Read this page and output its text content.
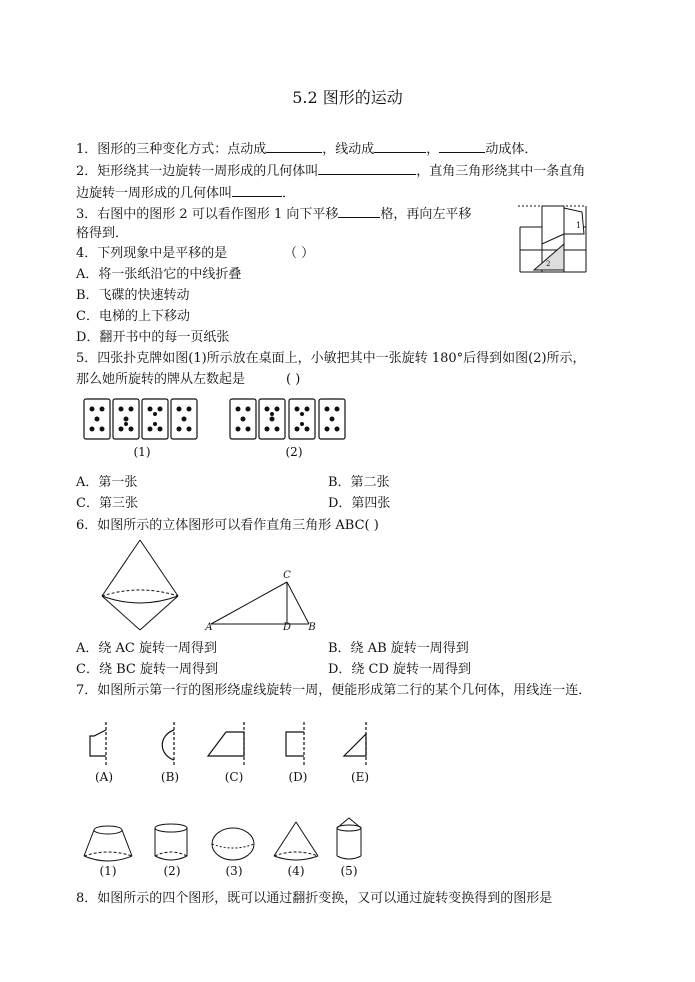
5.2 图形的运动
1．图形的三种变化方式：点动成	，线动成	，	动成体．
2．矩形绕其一边旋转一周形成的几何体叫	，直角三角形绕其中一条直角
边旋转一周形成的几何体叫	．
3．右图中的图形 2 可以看作图形 1 向下平移	格，再向左平移
格得到．
1
2
4．下列现象中是平移的是	（ ）
A．将一张纸沿它的中线折叠
B．飞碟的快速转动
C．电梯的上下移动
D．翻开书中的每一页纸张
5．四张扑克牌如图(1)所示放在桌面上，小敏把其中一张旋转 180°后得到如图(2)所示，
那么她所旋转的牌从左数起是	( )
(1)	(2)
A．第一张	B．第二张
C．第三张	D．第四张
6．如图所示的立体图形可以看作直角三角形 ABC( )
A	B
C
D
A．绕 AC 旋转一周得到	B．绕 AB 旋转一周得到
C．绕 BC 旋转一周得到	D．绕 CD 旋转一周得到
7．如图所示第一行的图形绕虚线旋转一周，便能形成第二行的某个几何体，用线连一连．
(A)	(B)	(C)	(D)	(E)
(1)	(2)	(3)	(4)	(5)
8．如图所示的四个图形，既可以通过翻折变换，又可以通过旋转变换得到的图形是
